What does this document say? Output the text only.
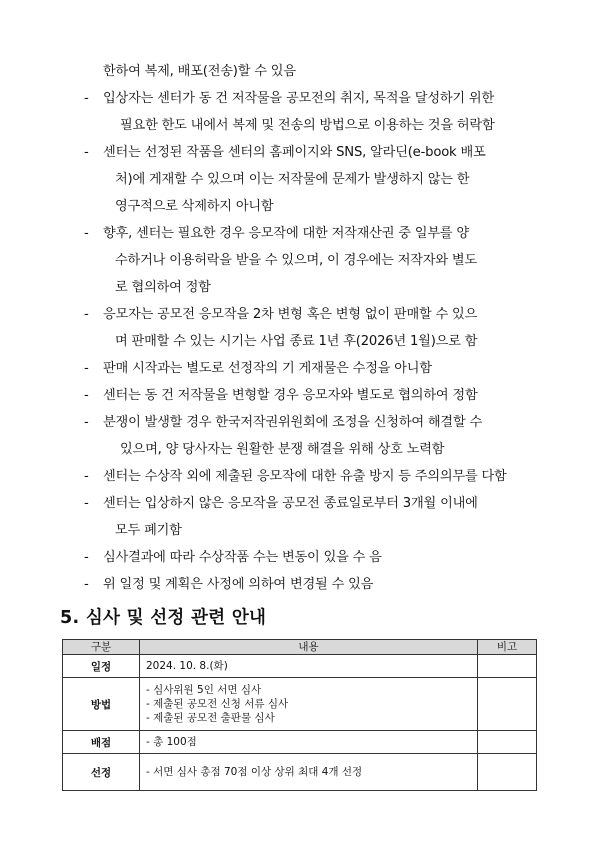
한하여 복제, 배포(전송)할 수 있음
- 입상자는 센터가 동 건 저작물을 공모전의 취지, 목적을 달성하기 위한
필요한 한도 내에서 복제 및 전송의 방법으로 이용하는 것을 허락함
- 센터는 선정된 작품을 센터의 홈페이지와 SNS, 알라딘(e-book 배포
처)에 게재할 수 있으며 이는 저작물에 문제가 발생하지 않는 한
영구적으로 삭제하지 아니함
- 향후, 센터는 필요한 경우 응모작에 대한 저작재산권 중 일부를 양
수하거나 이용허락을 받을 수 있으며, 이 경우에는 저작자와 별도
로 협의하여 정함
- 응모자는 공모전 응모작을 2차 변형 혹은 변형 없이 판매할 수 있으
며 판매할 수 있는 시기는 사업 종료 1년 후(2026년 1월)으로 함
- 판매 시작과는 별도로 선정작의 기 게재물은 수정을 아니함
- 센터는 동 건 저작물을 변형할 경우 응모자와 별도로 협의하여 정함
- 분쟁이 발생할 경우 한국저작권위원회에 조정을 신청하여 해결할 수
있으며, 양 당사자는 원활한 분쟁 해결을 위해 상호 노력함
- 센터는 수상작 외에 제출된 응모작에 대한 유출 방지 등 주의의무를 다함
- 센터는 입상하지 않은 응모작을 공모전 종료일로부터 3개월 이내에
모두 폐기함
- 심사결과에 따라 수상작품 수는 변동이 있을 수 음
- 위 일정 및 계획은 사정에 의하여 변경될 수 있음
5. 심사 및 선정 관련 안내
구분	내용	비고
일정	2024. 10. 8.(화)	

방법	- 심사위원 5인 서면 심사
- 제출된 공모전 신청 서류 심사
- 제출된 공모전 출판물 심사	

배점	- 총 100점	

선정	- 서면 심사 총점 70점 이상 상위 최대 4개 선정	
